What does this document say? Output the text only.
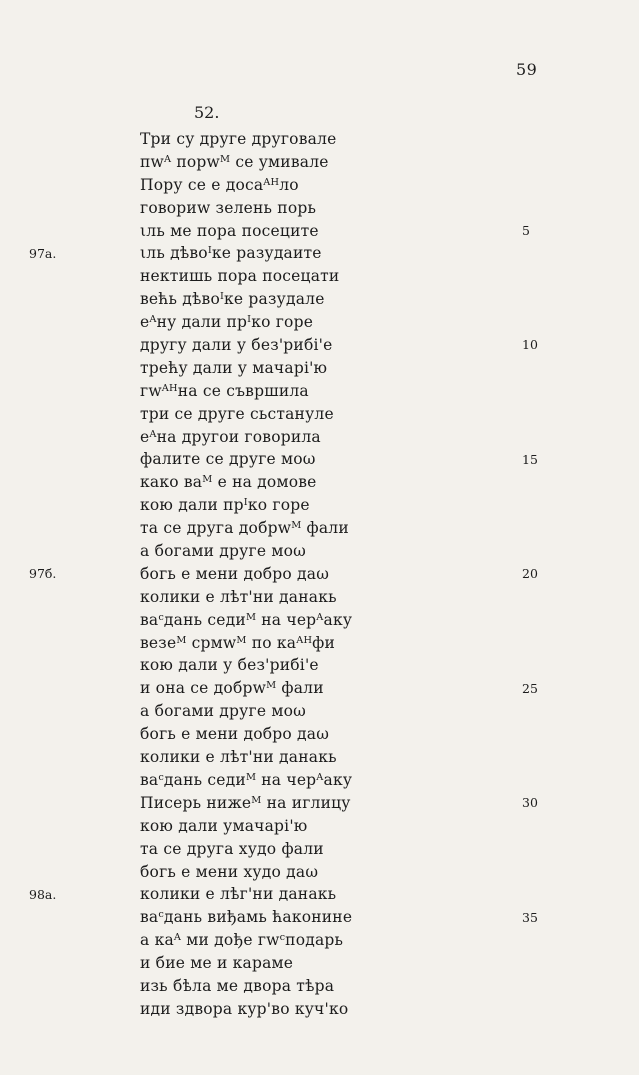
59
52.
Три су друге друговале
пwᴬ порwᴹ се умивале
Пору се е досаᴬᴴло
говориw зелень порь
ιль ме пора посеците
ιль дѣвоᴵке разудаите
нектишь пора посецати
вeћь дѣвоᴵке разудале
eᴬну дали прᴵко горе
другу дали у без'рибі'е
трeћу дали у мачарі'ю
гwᴬᴴна се съвршила
три се друге сьстануле
eᴬна другои говорила
фалите се друге моω
како ваᴹ е на домове
кою дали прᴵко горе
та се друга добрwᴹ фали
а богами друге моω
богь е мени добро даω
колики е лѣт'ни данакь
ваᶜдань седиᴹ на черᴬаку
везeᴹ срмwᴹ по каᴬᴴфи
кою дали у без'рибі'е
и она се добрwᴹ фали
а богами друге моω
богь е мени добро даω
колики е лѣт'ни данакь
ваᶜдань седиᴹ на черᴬаку
Писерь нижeᴹ на иглицу
кою дали умачарі'ю
та се друга худо фали
богь е мени худо даω
колики е лѣг'ни данакь
ваᶜдань виђамь ћаконине
а каᴬ ми дође гwᶜподарь
и бие ме и караме
изь бѣла ме двора тѣра
иди здвора кур'во куч'ко
97а.
97б.
98а.
5
10
15
20
25
30
35
